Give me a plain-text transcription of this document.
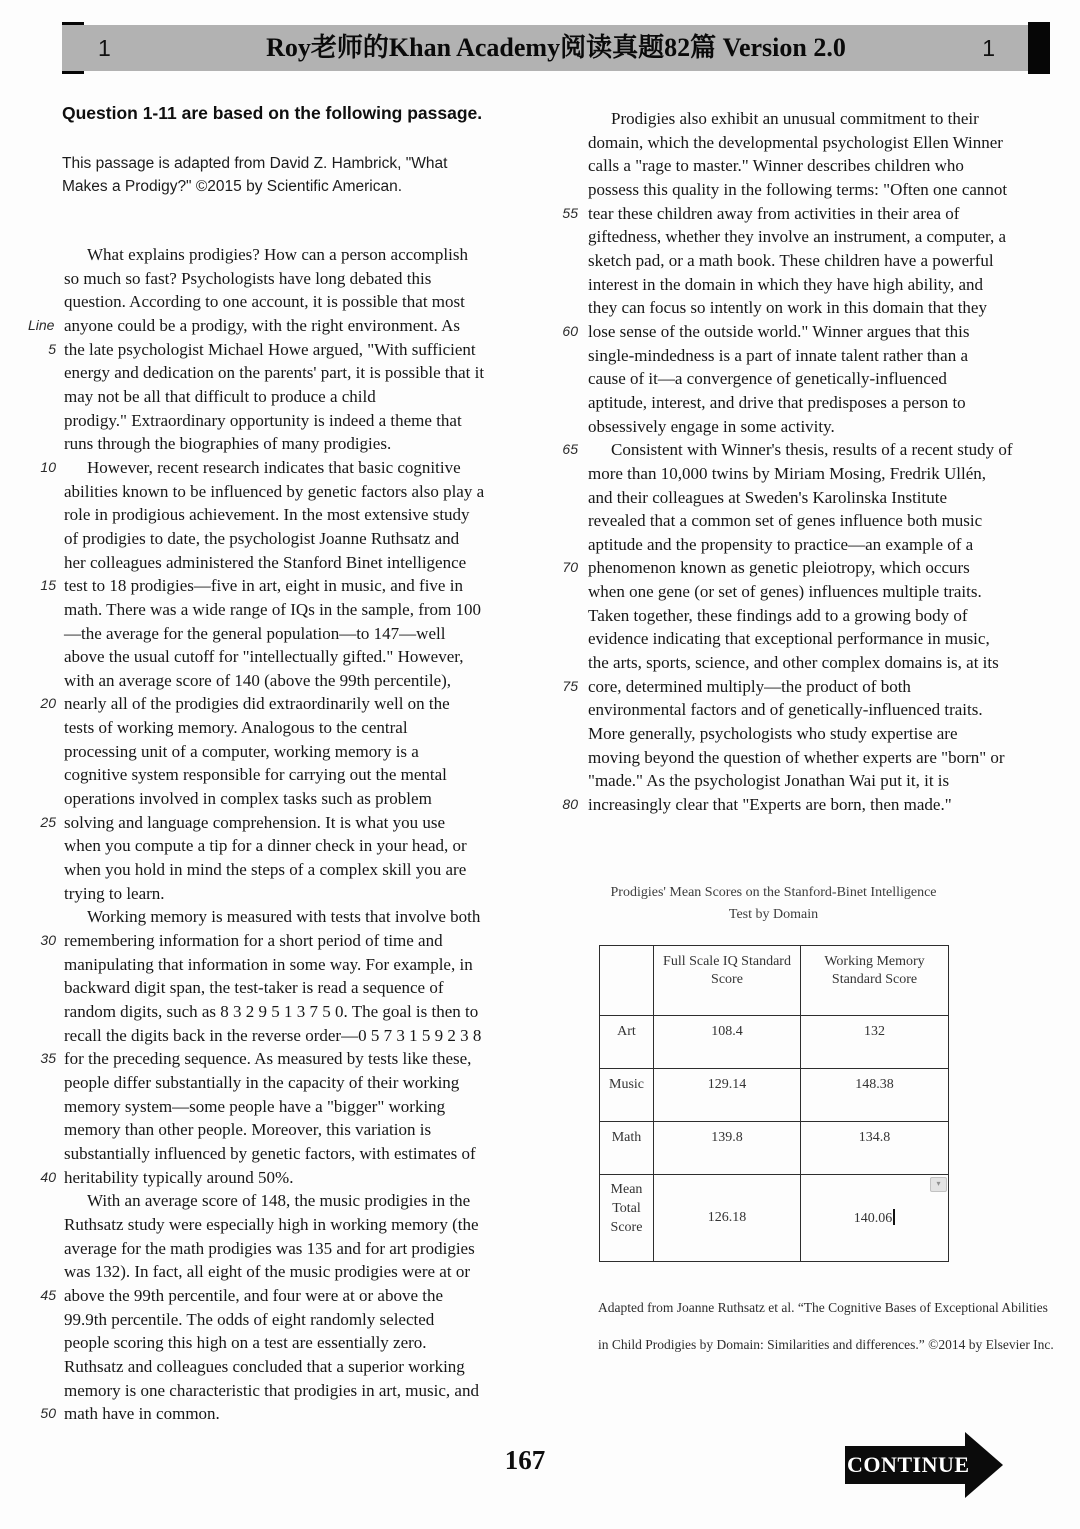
1	Roy老师的Khan Academy阅读真题82篇 Version 2.0	1
Question 1-11 are based on the following passage.
This passage is adapted from David Z. Hambrick, "What
Makes a Prodigy?" ©2015 by Scientific American.
What explains prodigies? How can a person accomplish
so much so fast? Psychologists have long debated this
question. According to one account, it is possible that most
Line anyone could be a prodigy, with the right environment. As
5 the late psychologist Michael Howe argued, "With sufficient
energy and dedication on the parents' part, it is possible that it
may not be all that difficult to produce a child
prodigy." Extraordinary opportunity is indeed a theme that
runs through the biographies of many prodigies.
10	However, recent research indicates that basic cognitive
abilities known to be influenced by genetic factors also play a
role in prodigious achievement. In the most extensive study
of prodigies to date, the psychologist Joanne Ruthsatz and
her colleagues administered the Stanford Binet intelligence
15 test to 18 prodigies—five in art, eight in music, and five in
math. There was a wide range of IQs in the sample, from 100
—the average for the general population—to 147—well
above the usual cutoff for "intellectually gifted." However,
with an average score of 140 (above the 99th percentile),
20 nearly all of the prodigies did extraordinarily well on the
tests of working memory. Analogous to the central
processing unit of a computer, working memory is a
cognitive system responsible for carrying out the mental
operations involved in complex tasks such as problem
25 solving and language comprehension. It is what you use
when you compute a tip for a dinner check in your head, or
when you hold in mind the steps of a complex skill you are
trying to learn.
Working memory is measured with tests that involve both
30 remembering information for a short period of time and
manipulating that information in some way. For example, in
backward digit span, the test-taker is read a sequence of
random digits, such as 8 3 2 9 5 1 3 7 5 0. The goal is then to
recall the digits back in the reverse order—0 5 7 3 1 5 9 2 3 8
35 for the preceding sequence. As measured by tests like these,
people differ substantially in the capacity of their working
memory system—some people have a "bigger" working
memory than other people. Moreover, this variation is
substantially influenced by genetic factors, with estimates of
40 heritability typically around 50%.
With an average score of 148, the music prodigies in the
Ruthsatz study were especially high in working memory (the
average for the math prodigies was 135 and for art prodigies
was 132). In fact, all eight of the music prodigies were at or
45 above the 99th percentile, and four were at or above the
99.9th percentile. The odds of eight randomly selected
people scoring this high on a test are essentially zero.
Ruthsatz and colleagues concluded that a superior working
memory is one characteristic that prodigies in art, music, and
50 math have in common.
Prodigies also exhibit an unusual commitment to their
domain, which the developmental psychologist Ellen Winner
calls a "rage to master." Winner describes children who
possess this quality in the following terms: "Often one cannot
55 tear these children away from activities in their area of
giftedness, whether they involve an instrument, a computer, a
sketch pad, or a math book. These children have a powerful
interest in the domain in which they have high ability, and
they can focus so intently on work in this domain that they
60 lose sense of the outside world." Winner argues that this
single-mindedness is a part of innate talent rather than a
cause of it—a convergence of genetically-influenced
aptitude, interest, and drive that predisposes a person to
obsessively engage in some activity.
65	Consistent with Winner's thesis, results of a recent study of
more than 10,000 twins by Miriam Mosing, Fredrik Ullén,
and their colleagues at Sweden's Karolinska Institute
revealed that a common set of genes influence both music
aptitude and the propensity to practice—an example of a
70 phenomenon known as genetic pleiotropy, which occurs
when one gene (or set of genes) influences multiple traits.
Taken together, these findings add to a growing body of
evidence indicating that exceptional performance in music,
the arts, sports, science, and other complex domains is, at its
75 core, determined multiply—the product of both
environmental factors and of genetically-influenced traits.
More generally, psychologists who study expertise are
moving beyond the question of whether experts are "born" or
"made." As the psychologist Jonathan Wai put it, it is
80 increasingly clear that "Experts are born, then made."
Prodigies' Mean Scores on the Stanford-Binet Intelligence
Test by Domain
	Full Scale IQ Standard Score	Working Memory Standard Score
Art	108.4	132
Music	129.14	148.38
Math	139.8	134.8
Mean Total Score	126.18	140.06
▾
Adapted from Joanne Ruthsatz et al. “The Cognitive Bases of Exceptional Abilities
in Child Prodigies by Domain: Similarities and differences.” ©2014 by Elsevier Inc.
167	CONTINUE
